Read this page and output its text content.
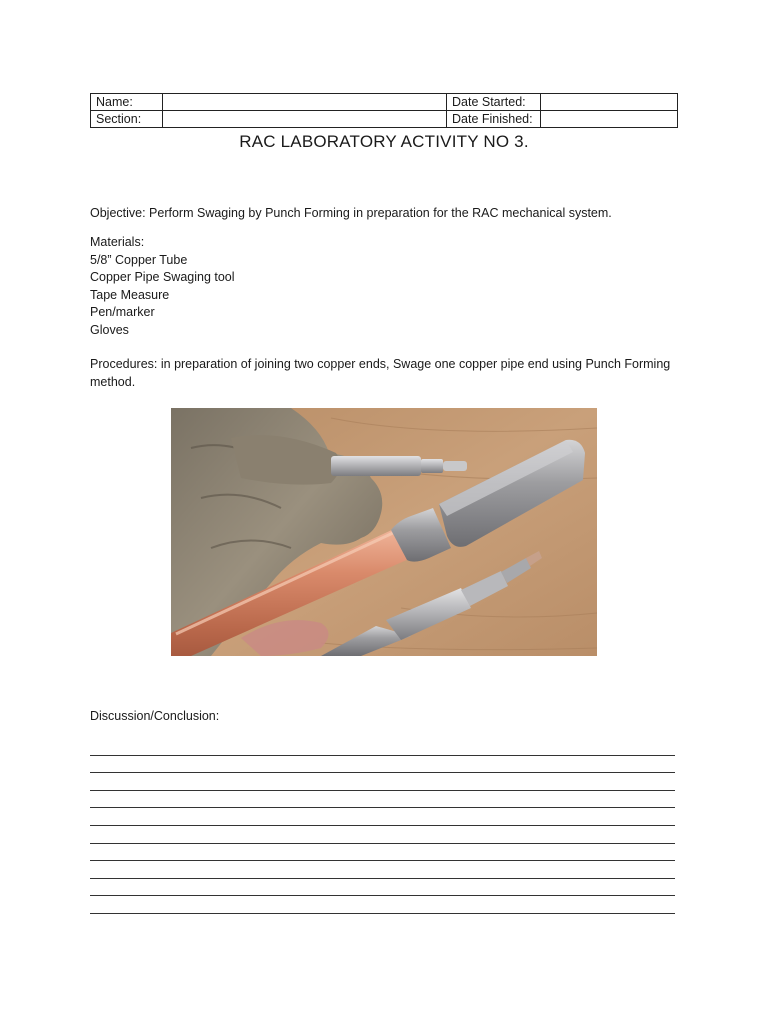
Name:		Date Started:	
Section:		Date Finished:	
RAC LABORATORY ACTIVITY NO 3.
Objective: Perform Swaging by Punch Forming in preparation for the RAC mechanical system.
Materials:
5/8” Copper Tube
Copper Pipe Swaging tool
Tape Measure
Pen/marker
Gloves
Procedures: in preparation of joining two copper ends, Swage one copper pipe end using Punch Forming method.
Discussion/Conclusion:
